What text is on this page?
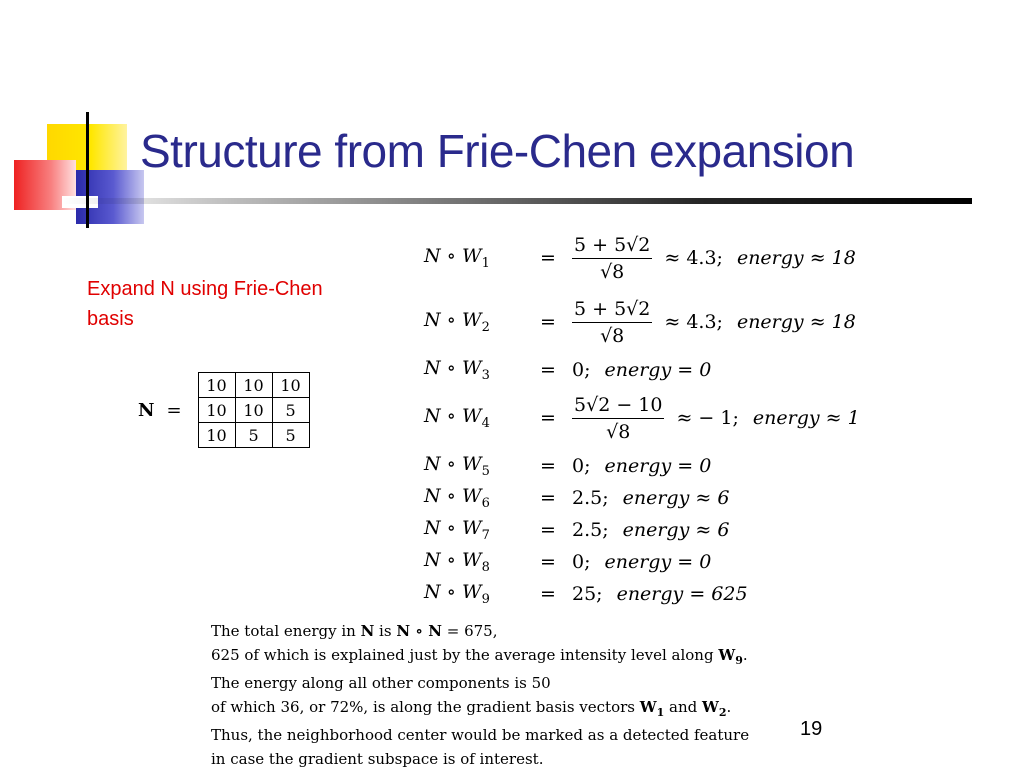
Structure from Frie-Chen expansion
Expand N using Frie-Chen basis
N =
10	10	10
10	10	5
10	5	5
N ∘ $W_1$	= $\frac{5 + 5√2}{√8} \approx 4.3$; energy ≈ 18
N ∘ $W_2$	= $\frac{5 + 5√2}{√8} \approx 4.3$; energy ≈ 18
N ∘ $W_3$	= 0; energy = 0
N ∘ $W_4$	= $\frac{5√2 - 10}{√8}$ ≈ − 1; energy ≈ 1
N ∘ $W_5$	= 0; energy = 0
N ∘ $W_6$	= 2.5; energy ≈ 6
N ∘ $W_7$	= 2.5; energy ≈ 6
N ∘ $W_8$	= 0; energy = 0
N ∘ $W_9$	= 25; energy = 625

The total energy in N is N ∘ N = 675,

625 of which is explained just by the average intensity level along $W_9$.

The energy along all other components is 50

of which 36, or 72%, is along the gradient basis vectors $W_1$ and $W_2$.

Thus, the neighborhood center would be marked as a detected feature

in case the gradient subspace is of interest.

19
